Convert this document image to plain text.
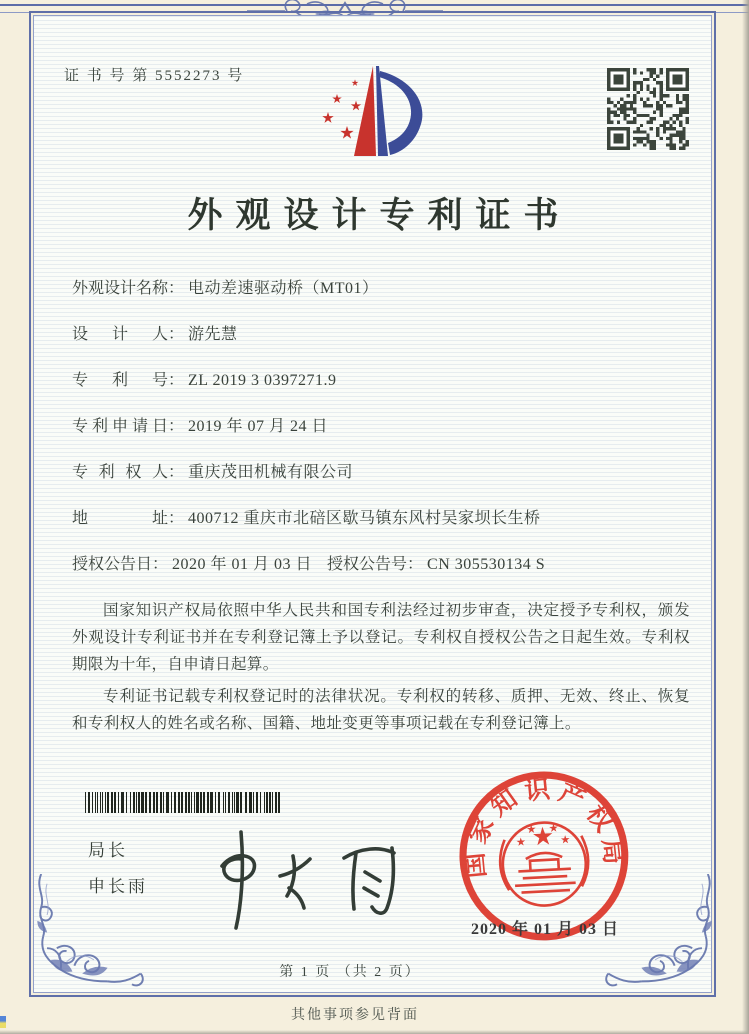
证 书 号 第 5552273 号
外观设计专利证书
外观设计名称： 电动差速驱动桥（MT01）
设计人： 游先慧
专利号： ZL 2019 3 0397271.9
专利申请日： 2019 年 07 月 24 日
专利权人： 重庆茂田机械有限公司
地址： 400712 重庆市北碚区歇马镇东风村吴家坝长生桥
授权公告日： 2020 年 01 月 03 日 授权公告号： CN 305530134 S

国家知识产权局依照中华人民共和国专利法经过初步审查，决定授予专利权，颁发外观设计专利证书并在专利登记簿上予以登记。专利权自授权公告之日起生效。专利权期限为十年，自申请日起算。

专利证书记载专利权登记时的法律状况。专利权的转移、质押、无效、终止、恢复和专利权人的姓名或名称、国籍、地址变更等事项记载在专利登记簿上。

局长
申长雨
国家知识产权局
2020 年 01 月 03 日
第 1 页 （共 2 页）
其他事项参见背面
